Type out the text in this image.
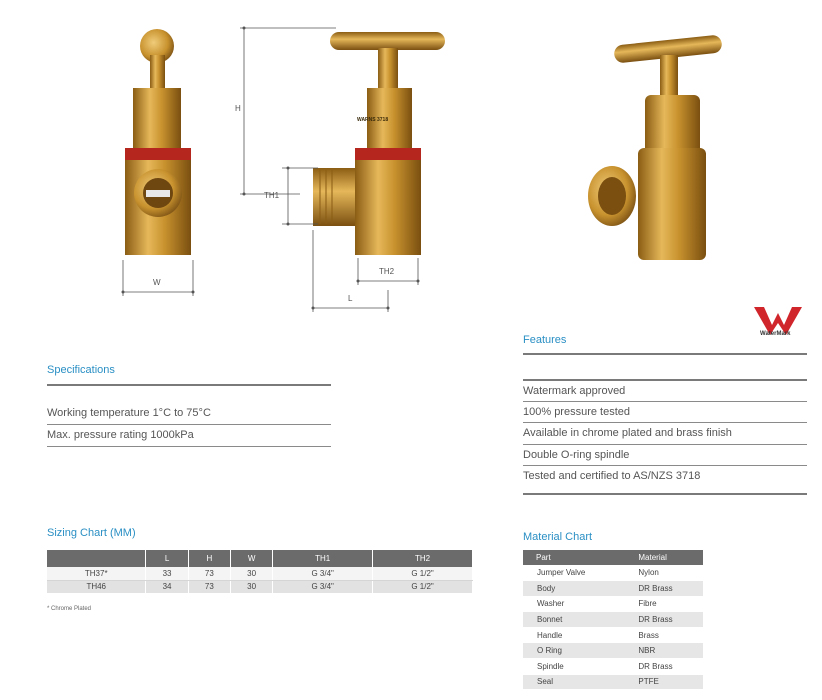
H
TH1
TH2
W
L
WARNS 3718
WaterMark
Features
Watermark approved
100% pressure tested
Available in chrome plated and brass finish
Double O-ring spindle
Tested and certified to AS/NZS 3718
Specifications
Working temperature 1°C to 75°C
Max. pressure rating 1000kPa
Sizing Chart (MM)
	L	H	W	TH1	TH2
TH37*	33	73	30	G 3/4"	G 1/2"
TH46	34	73	30	G 3/4"	G 1/2"
* Chrome Plated
Material Chart
Part	Material
Jumper Valve	Nylon
Body	DR Brass
Washer	Fibre
Bonnet	DR Brass
Handle	Brass
O Ring	NBR
Spindle	DR Brass
Seal	PTFE
